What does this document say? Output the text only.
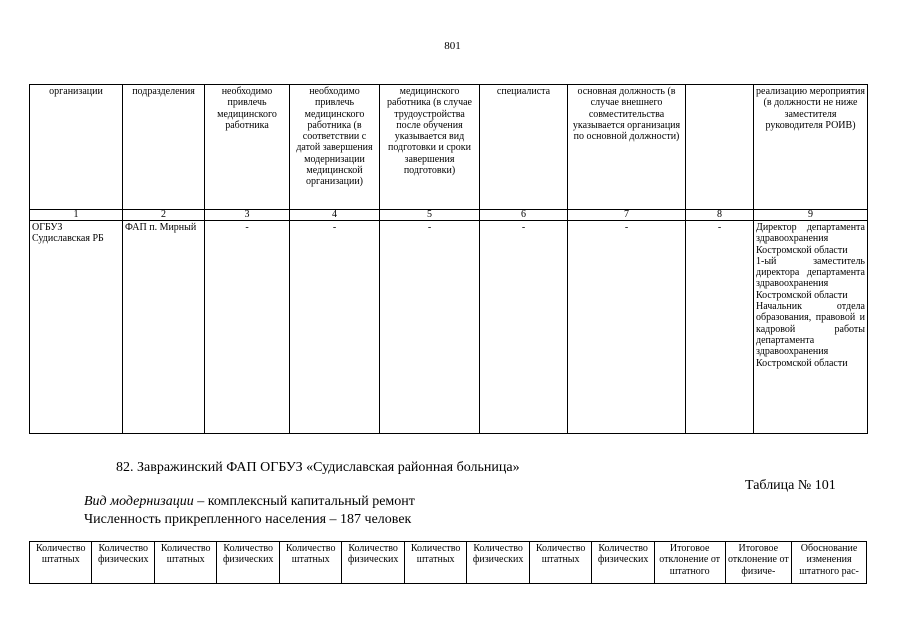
801
организации	подразделения	необходимо привлечь медицинского работника	необходимо привлечь медицинского работника (в соответствии с датой завершения модернизации медицинской организации)	медицинского работника (в случае трудоустройства после обучения указывается вид подготовки и сроки завершения подготовки)	специалиста	основная должность (в случае внешнего совместительства указывается организация по основной должности)		реализацию мероприятия (в должности не ниже заместителя руководителя РОИВ)
1	2	3	4	5	6	7	8	9
ОГБУЗ Судиславская РБ	ФАП п. Мирный	-	-	-	-	-	-	Директор департамента здравоохранения Костромской области
1-ый заместитель директора департамента здравоохранения Костромской области
Начальник отдела образования, правовой и кадровой работы департамента здравоохранения Костромской области
82. Завражинский ФАП ОГБУЗ «Судиславская районная больница»
Таблица № 101
Вид модернизации – комплексный капитальный ремонт
Численность прикрепленного населения – 187 человек
Количество штатных	Количество физических	Количество штатных	Количество физических	Количество штатных	Количество физических	Количество штатных	Количество физических	Количество штатных	Количество физических	Итоговое отклонение от штатного	Итоговое отклонение от физиче-	Обоснование изменения штатного рас-
